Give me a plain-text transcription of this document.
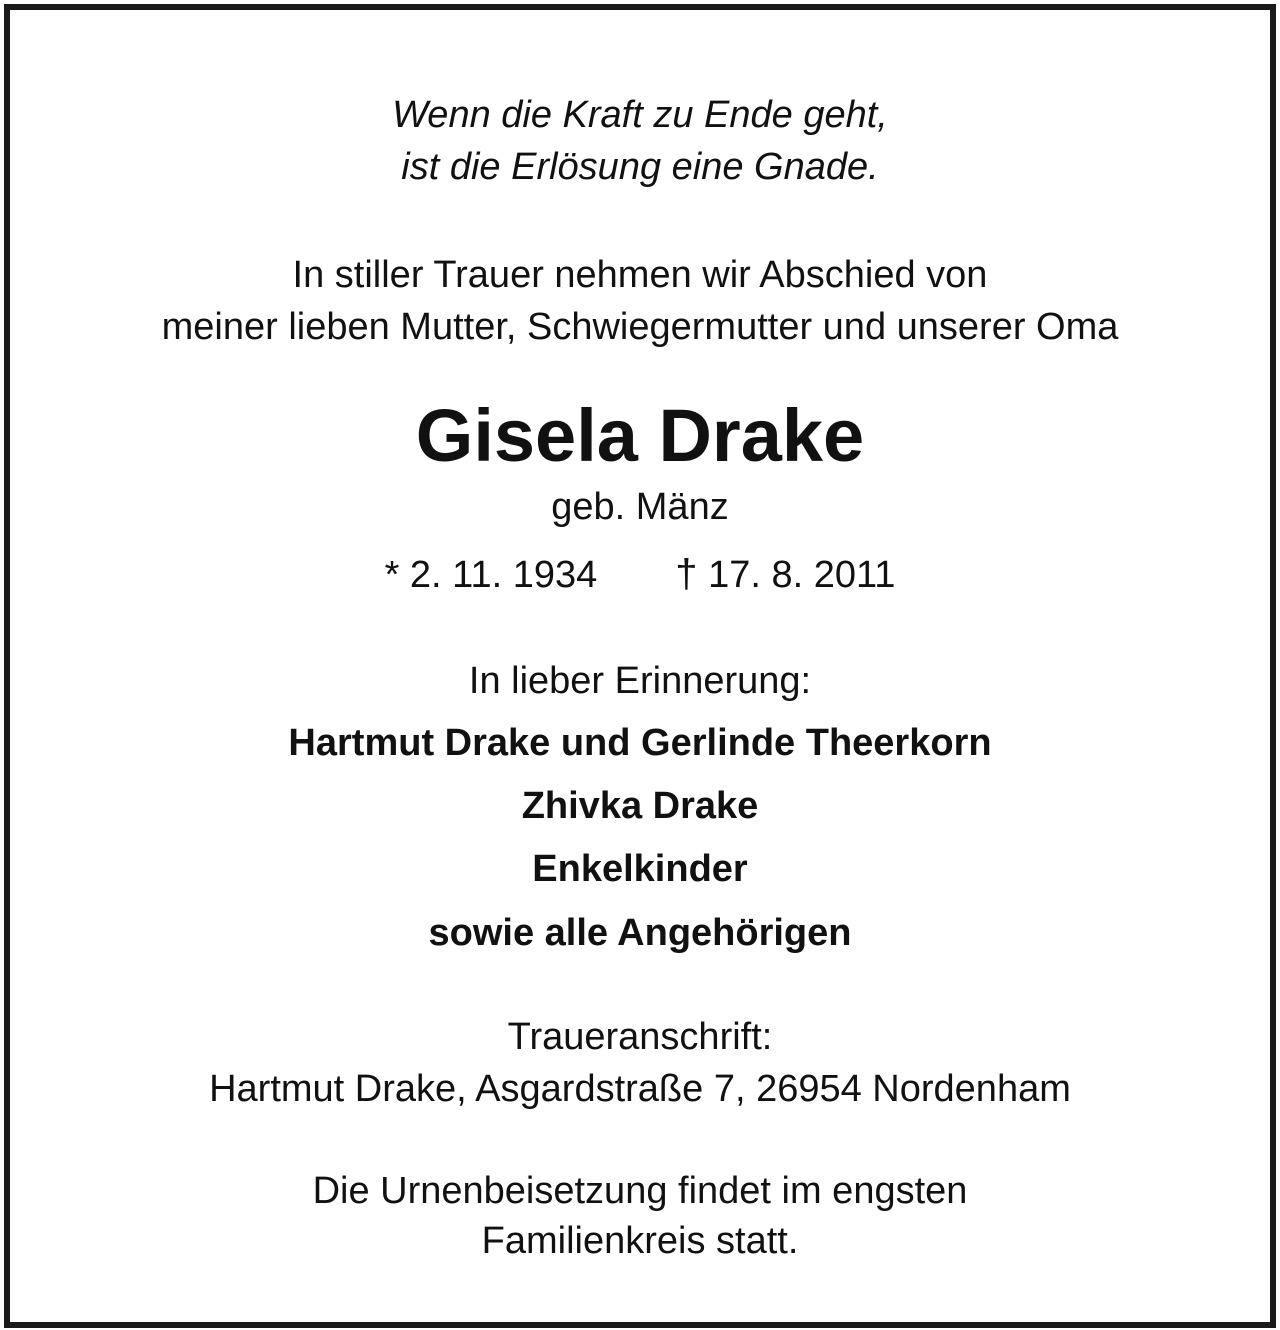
Wenn die Kraft zu Ende geht,
ist die Erlösung eine Gnade.
In stiller Trauer nehmen wir Abschied von
meiner lieben Mutter, Schwiegermutter und unserer Oma
Gisela Drake
geb. Mänz
* 2. 11. 1934 † 17. 8. 2011
In lieber Erinnerung:
Hartmut Drake und Gerlinde Theerkorn
Zhivka Drake
Enkelkinder
sowie alle Angehörigen
Traueranschrift:
Hartmut Drake, Asgardstraße 7, 26954 Nordenham
Die Urnenbeisetzung findet im engsten
Familienkreis statt.
